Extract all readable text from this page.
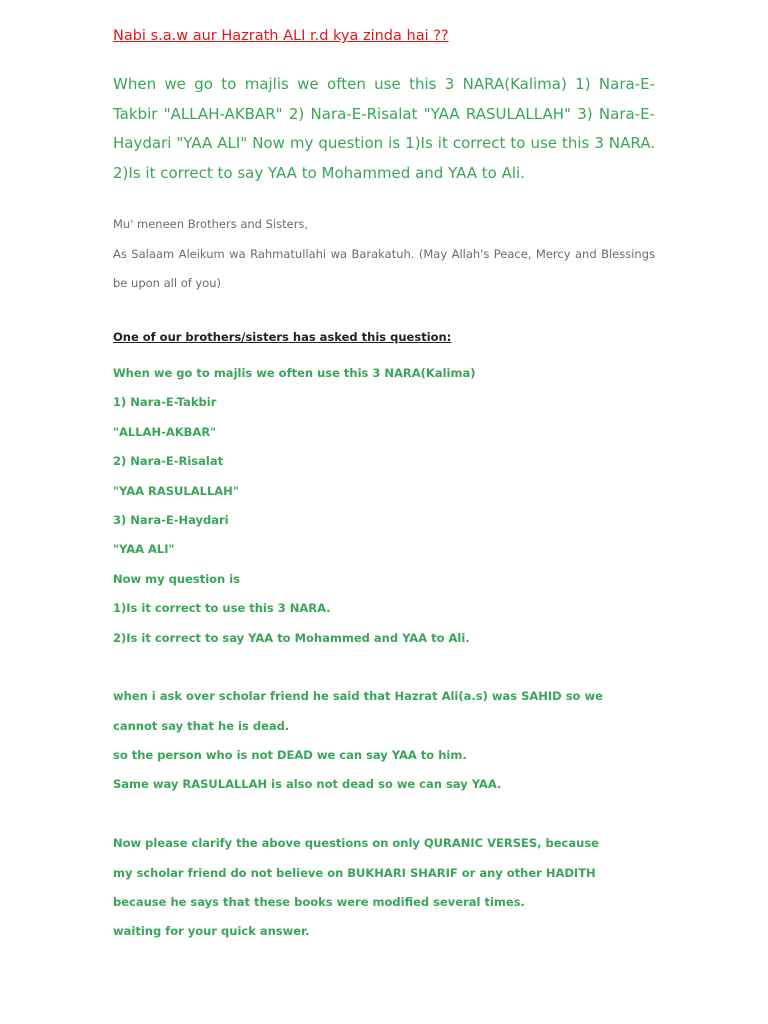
Nabi s.a.w aur Hazrath ALI r.d kya zinda hai ??

When we go to majlis we often use this 3 NARA(Kalima) 1) Nara-E-Takbir "ALLAH-AKBAR" 2) Nara-E-Risalat "YAA RASULALLAH" 3) Nara-E-Haydari "YAA ALI" Now my question is 1)Is it correct to use this 3 NARA. 2)Is it correct to say YAA to Mohammed and YAA to Ali.

Mu' meneen Brothers and Sisters,

As Salaam Aleikum wa Rahmatullahi wa Barakatuh. (May Allah's Peace, Mercy and Blessings be upon all of you)

One of our brothers/sisters has asked this question:

When we go to majlis we often use this 3 NARA(Kalima)

1) Nara-E-Takbir

"ALLAH-AKBAR"

2) Nara-E-Risalat

"YAA RASULALLAH"

3) Nara-E-Haydari

"YAA ALI"

Now my question is

1)Is it correct to use this 3 NARA.

2)Is it correct to say YAA to Mohammed and YAA to Ali.

when i ask over scholar friend he said that Hazrat Ali(a.s) was SAHID so we

cannot say that he is dead.

so the person who is not DEAD we can say YAA to him.

Same way RASULALLAH is also not dead so we can say YAA.

Now please clarify the above questions on only QURANIC VERSES, because

my scholar friend do not believe on BUKHARI SHARIF or any other HADITH

because he says that these books were modified several times.

waiting for your quick answer.
